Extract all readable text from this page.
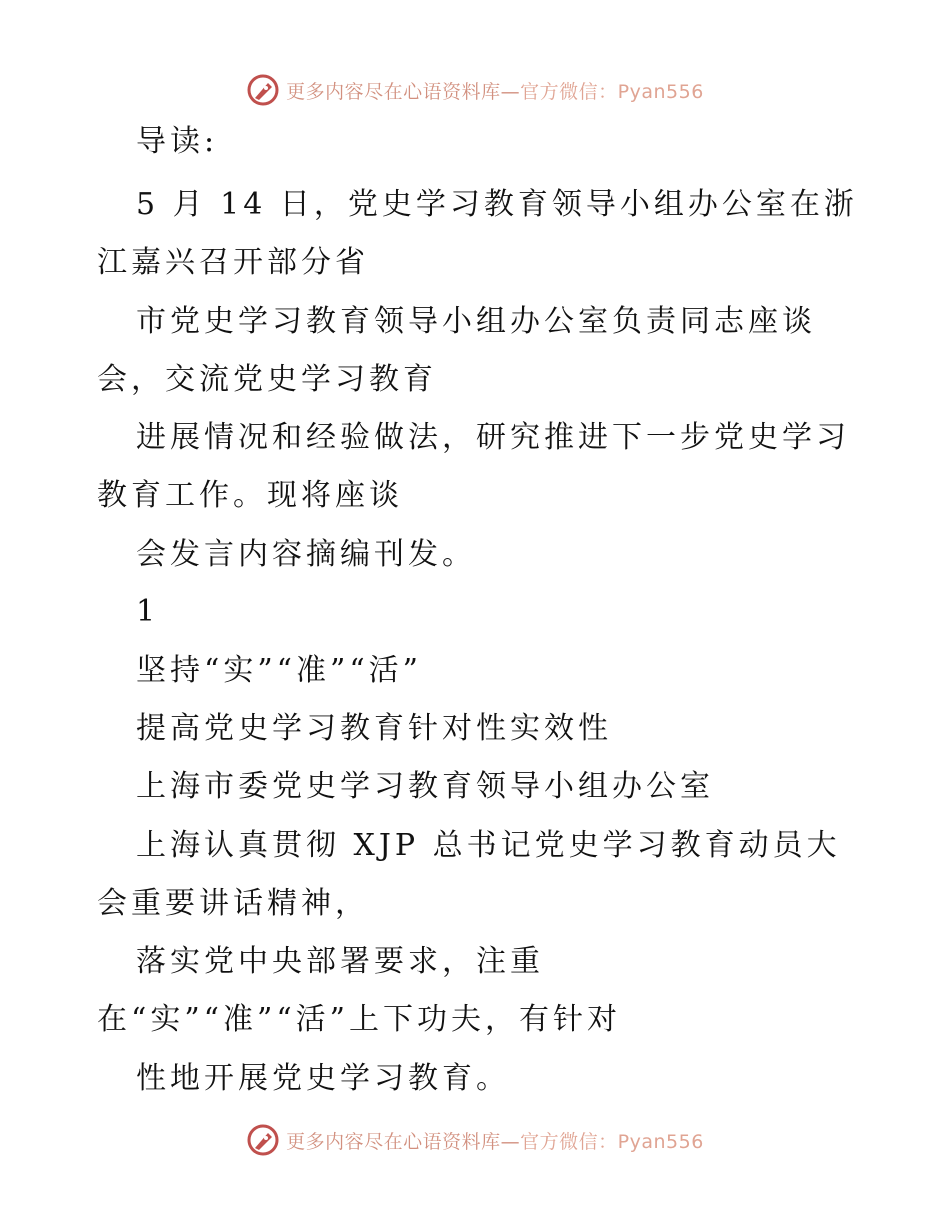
更多内容尽在心语资料库—官方微信：Pyan556
导读:
5 月 14 日，党史学习教育领导小组办公室在浙
江嘉兴召开部分省
市党史学习教育领导小组办公室负责同志座谈
会，交流党史学习教育
进展情况和经验做法，研究推进下一步党史学习
教育工作。现将座谈
会发言内容摘编刊发。
1
坚持“实”“准”“活”
提高党史学习教育针对性实效性
上海市委党史学习教育领导小组办公室
上海认真贯彻 XJP 总书记党史学习教育动员大
会重要讲话精神，
落实党中央部署要求，注重
在“实”“准”“活”上下功夫，有针对
性地开展党史学习教育。
更多内容尽在心语资料库—官方微信：Pyan556
